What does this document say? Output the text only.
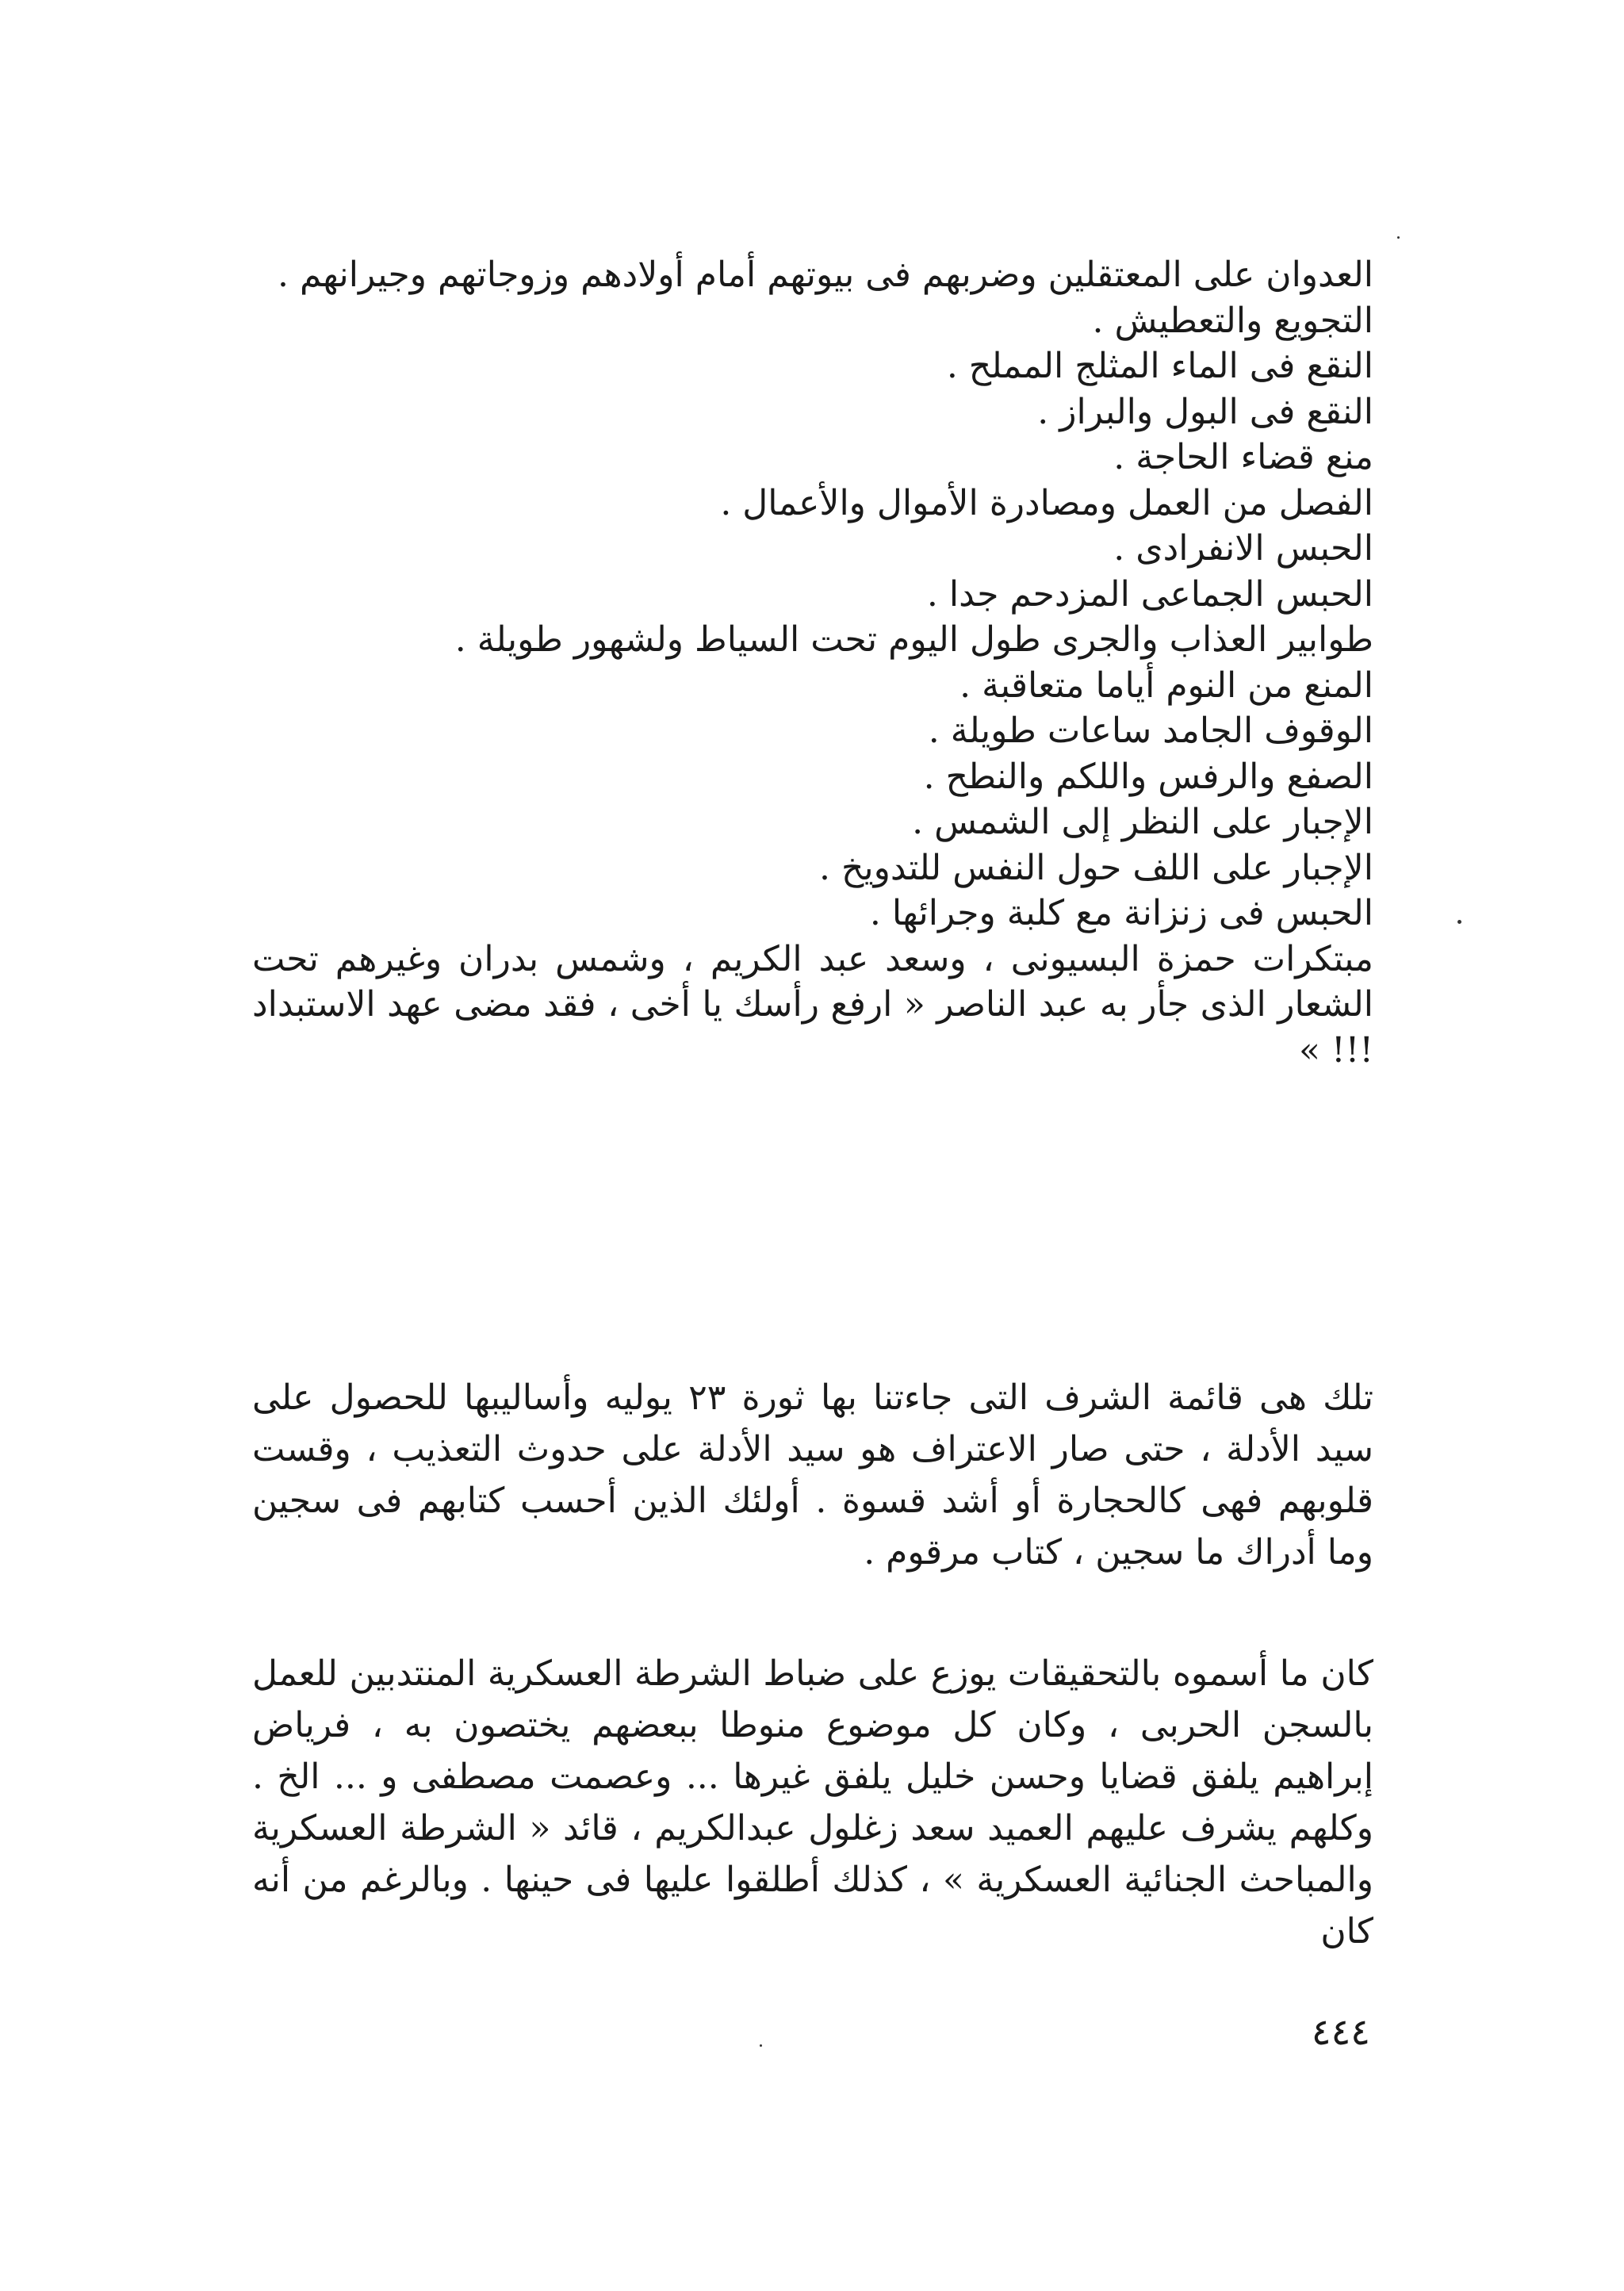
العدوان على المعتقلين وضربهم فى بيوتهم أمام أولادهم وزوجاتهم وجيرانهم .

التجويع والتعطيش .

النقع فى الماء المثلج المملح .

النقع فى البول والبراز .

منع قضاء الحاجة .

الفصل من العمل ومصادرة الأموال والأعمال .

الحبس الانفرادى .

الحبس الجماعى المزدحم جدا .

طوابير العذاب والجرى طول اليوم تحت السياط ولشهور طويلة .

المنع من النوم أياما متعاقبة .

الوقوف الجامد ساعات طويلة .

الصفع والرفس واللكم والنطح .

الإجبار على النظر إلى الشمس .

الإجبار على اللف حول النفس للتدويخ .

الحبس فى زنزانة مع كلبة وجرائها .

مبتكرات حمزة البسيونى ، وسعد عبد الكريم ، وشمس بدران وغيرهم تحت الشعار الذى جأر به عبد الناصر « ارفع رأسك يا أخى ، فقد مضى عهد الاستبداد !!! »

تلك هى قائمة الشرف التى جاءتنا بها ثورة ٢٣ يوليه وأساليبها للحصول على سيد الأدلة ، حتى صار الاعتراف هو سيد الأدلة على حدوث التعذيب ، وقست قلوبهم فهى كالحجارة أو أشد قسوة . أولئك الذين أحسب كتابهم فى سجين وما أدراك ما سجين ، كتاب مرقوم .

كان ما أسموه بالتحقيقات يوزع على ضباط الشرطة العسكرية المنتدبين للعمل بالسجن الحربى ، وكان كل موضوع منوطا ببعضهم يختصون به ، فرياض إبراهيم يلفق قضايا وحسن خليل يلفق غيرها ... وعصمت مصطفى و ... الخ . وكلهم يشرف عليهم العميد سعد زغلول عبدالكريم ، قائد « الشرطة العسكرية والمباحث الجنائية العسكرية » ، كذلك أطلقوا عليها فى حينها . وبالرغم من أنه كان

٤٤٤
